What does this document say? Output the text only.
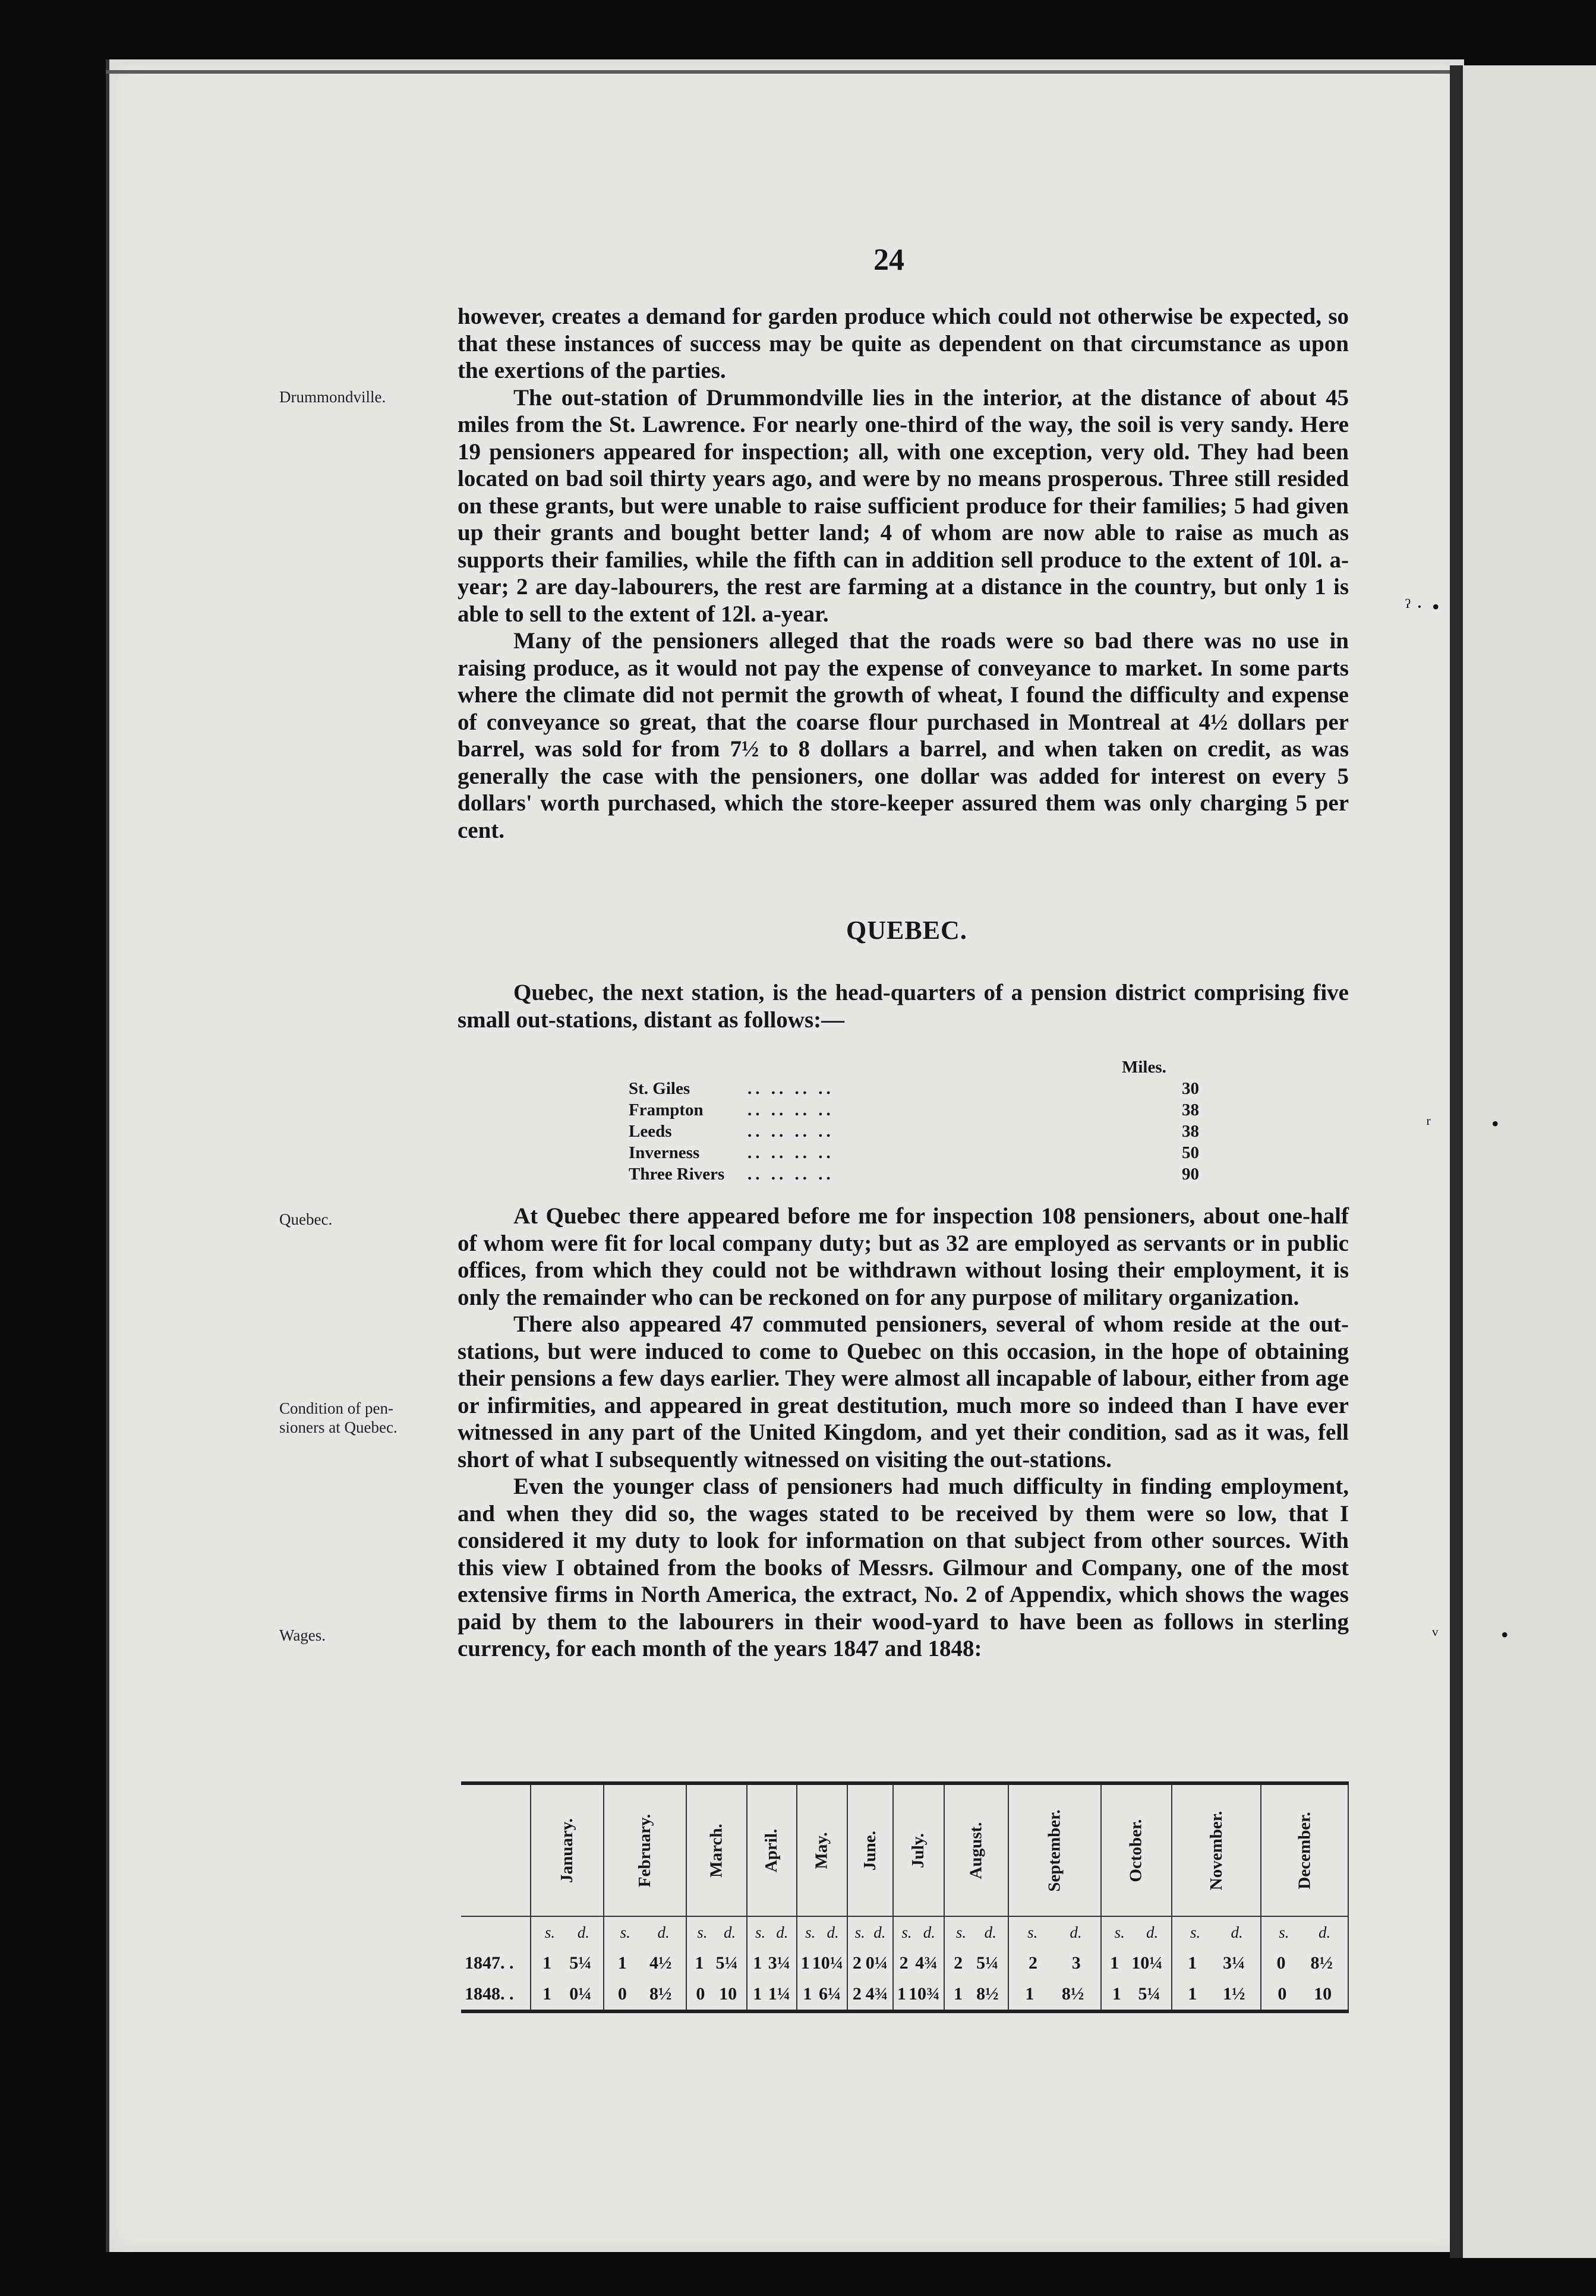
ˀ · •
ʳ	•
ᵛ	•
24
Drummondville.
Quebec.
Condition of pen-
sioners at Quebec.
Wages.

however, creates a demand for garden produce which could not otherwise be expected, so that these instances of success may be quite as dependent on that circumstance as upon the exertions of the parties.

The out-station of Drummondville lies in the interior, at the distance of about 45 miles from the St. Lawrence. For nearly one-third of the way, the soil is very sandy. Here 19 pensioners appeared for inspection; all, with one exception, very old. They had been located on bad soil thirty years ago, and were by no means prosperous. Three still resided on these grants, but were unable to raise sufficient produce for their families; 5 had given up their grants and bought better land; 4 of whom are now able to raise as much as supports their families, while the fifth can in addition sell produce to the extent of 10l. a-year; 2 are day-labourers, the rest are farming at a distance in the country, but only 1 is able to sell to the extent of 12l. a-year.

Many of the pensioners alleged that the roads were so bad there was no use in raising produce, as it would not pay the expense of conveyance to market. In some parts where the climate did not permit the growth of wheat, I found the difficulty and expense of conveyance so great, that the coarse flour purchased in Montreal at 4½ dollars per barrel, was sold for from 7½ to 8 dollars a barrel, and when taken on credit, as was generally the case with the pensioners, one dollar was added for interest on every 5 dollars' worth purchased, which the store-keeper assured them was only charging 5 per cent.

QUEBEC.

Quebec, the next station, is the head-quarters of a pension district comprising five small out-stations, distant as follows:—

Miles.
St. Giles	.. .. .. ..	30
Frampton	.. .. .. ..	38
Leeds	.. .. .. ..	38
Inverness	.. .. .. ..	50
Three Rivers	.. .. .. ..	90

At Quebec there appeared before me for inspection 108 pensioners, about one-half of whom were fit for local company duty; but as 32 are employed as servants or in public offices, from which they could not be withdrawn without losing their employment, it is only the remainder who can be reckoned on for any purpose of military organization.

There also appeared 47 commuted pensioners, several of whom reside at the out-stations, but were induced to come to Quebec on this occasion, in the hope of obtaining their pensions a few days earlier. They were almost all incapable of labour, either from age or infirmities, and appeared in great destitution, much more so indeed than I have ever witnessed in any part of the United Kingdom, and yet their condition, sad as it was, fell short of what I subsequently witnessed on visiting the out-stations.

Even the younger class of pensioners had much difficulty in finding employment, and when they did so, the wages stated to be received by them were so low, that I considered it my duty to look for information on that subject from other sources. With this view I obtained from the books of Messrs. Gilmour and Company, one of the most extensive firms in North America, the extract, No. 2 of Appendix, which shows the wages paid by them to the labourers in their wood-yard to have been as follows in sterling currency, for each month of the years 1847 and 1848:

	January.	February.	March.	April.	May.	June.	July.	August.	September.	October.	November.	December.

	s. d.	s. d.	s. d.	s. d.	s. d.	s. d.	s. d.	s. d.	s. d.	s. d.	s. d.	s. d.

1847. .	1 5¼	1 4½	1 5¼	1 3¼	1 10¼	2 0¼	2 4¾	2 5¼	2 3	1 10¼	1 3¼	0 8½

1848. .	1 0¼	0 8½	0 10	1 1¼	1 6¼	2 4¾	1 10¾	1 8½	1 8½	1 5¼	1 1½	0 10
